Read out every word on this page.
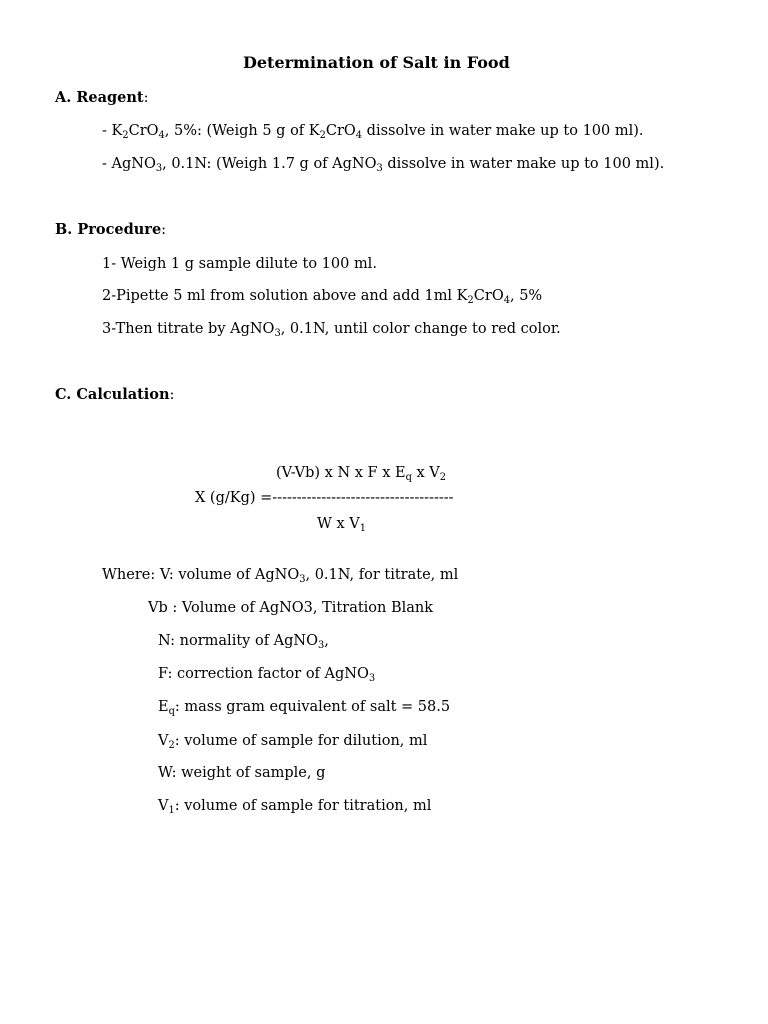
Determination of Salt in Food
A. Reagent:
- $K_2CrO_4$, 5%: (Weigh 5 g of $K_2CrO_4$ dissolve in water make up to 100 ml).
- AgNO$_3$, 0.1N: (Weigh 1.7 g of AgNO$_3$ dissolve in water make up to 100 ml).
B. Procedure:
1- Weigh 1 g sample dilute to 100 ml.
2-Pipette 5 ml from solution above and add 1ml $K_2CrO_4$, 5%
3-Then titrate by AgNO$_3$, 0.1N, until color change to red color.
C. Calculation:
(V-Vb) x N x F x $E_q$ x $V_2$
X (g/Kg) =-------------------------------------
W x $V_1$
Where: V: volume of AgNO$_3$, 0.1N, for titrate, ml
Vb : Volume of AgNO3, Titration Blank
N: normality of AgNO$_3$,
F: correction factor of AgNO$_3$
$E_q$: mass gram equivalent of salt = 58.5
$V_2$: volume of sample for dilution, ml
W: weight of sample, g
$V_1$: volume of sample for titration, ml
